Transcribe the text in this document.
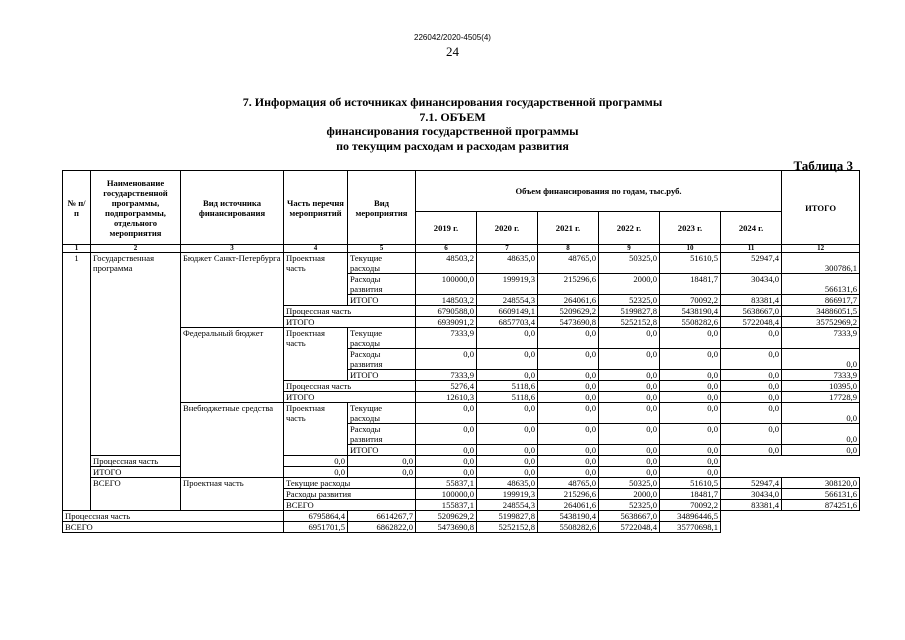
226042/2020-4505(4)
24
7. Информация об источниках финансирования государственной программы
7.1. ОБЪЕМ
финансирования государственной программы
по текущим расходам и расходам развития
Таблица 3
№ п/п	Наименование государственной программы, подпрограммы, отдельного мероприятия	Вид источника финансирования	Часть перечня мероприятий	Вид мероприятия	Объем финансирования по годам, тыс.руб.						ИТОГО
					2019 г.	2020 г.	2021 г.	2022 г.	2023 г.	2024 г.	
1	2	3	4	5	6	7	8	9	10	11	12
1	Государственная программа	Бюджет Санкт-Петербурга	Проектная часть	Текущие расходы	48503,2	48635,0	48765,0	50325,0	51610,5	52947,4	300786,1
				Расходы развития	100000,0	199919,3	215296,6	2000,0	18481,7	30434,0	566131,6
				ИТОГО	148503,2	248554,3	264061,6	52325,0	70092,2	83381,4	866917,7
			Процессная часть		6790588,0	6609149,1	5209629,2	5199827,8	5438190,4	5638667,0	34886051,5
			ИТОГО		6939091,2	6857703,4	5473690,8	5252152,8	5508282,6	5722048,4	35752969,2
		Федеральный бюджет	Проектная часть	Текущие расходы	7333,9	0,0	0,0	0,0	0,0	0,0	7333,9
				Расходы развития	0,0	0,0	0,0	0,0	0,0	0,0	0,0
				ИТОГО	7333,9	0,0	0,0	0,0	0,0	0,0	7333,9
			Процессная часть		5276,4	5118,6	0,0	0,0	0,0	0,0	10395,0
			ИТОГО		12610,3	5118,6	0,0	0,0	0,0	0,0	17728,9
		Внебюджетные средства	Проектная часть	Текущие расходы	0,0	0,0	0,0	0,0	0,0	0,0	0,0
				Расходы развития	0,0	0,0	0,0	0,0	0,0	0,0	0,0
				ИТОГО	0,0	0,0	0,0	0,0	0,0	0,0	0,0
	Процессная часть		0,0	0,0	0,0	0,0	0,0	0,0	0,0		
	ИТОГО		0,0	0,0	0,0	0,0	0,0	0,0	0,0		
	ВСЕГО	Проектная часть	Текущие расходы		55837,1	48635,0	48765,0	50325,0	51610,5	52947,4	308120,0
			Расходы развития		100000,0	199919,3	215296,6	2000,0	18481,7	30434,0	566131,6
			ВСЕГО		155837,1	248554,3	264061,6	52325,0	70092,2	83381,4	874251,6
Процессная часть			6795864,4	6614267,7	5209629,2	5199827,8	5438190,4	5638667,0	34896446,5		
ВСЕГО			6951701,5	6862822,0	5473690,8	5252152,8	5508282,6	5722048,4	35770698,1		
